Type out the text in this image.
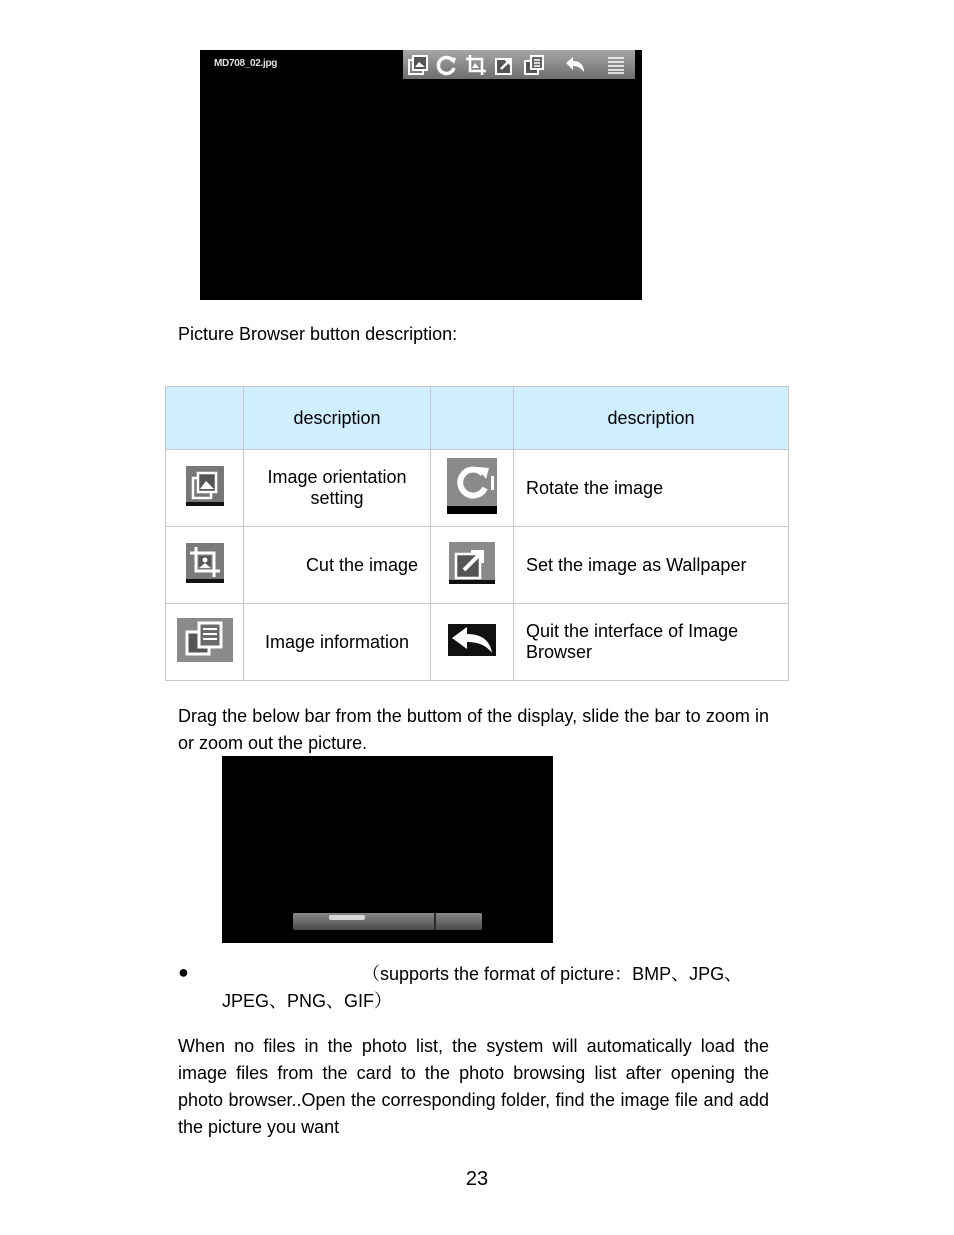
MD708_02.jpg
Picture Browser button description:
	description		description
	Image orientation setting		Rotate the image
	Cut the image		Set the image as Wallpaper
	Image information		Quit the interface of Image Browser
Drag the below bar from the buttom of the display, slide the bar to zoom in or zoom out the picture.
●	（supports the format of picture：BMP、JPG、JPEG、PNG、GIF）
When no files in the photo list, the system will automatically load the image files from the card to the photo browsing list after opening the photo browser..Open the corresponding folder, find the image file and add the picture you want
23
